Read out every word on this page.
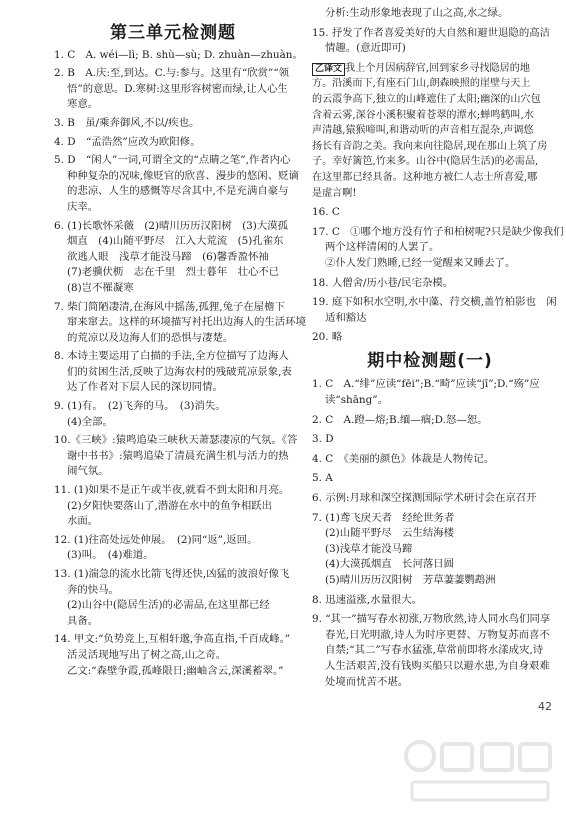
第三单元检测题
1. C　A. wéi—lì; B. shù—sù; D. zhuàn—zhuàn。
2. B　A.庆:至,到达。C.与:参与。这里有“欣赏”“领
悟”的意思。D.寒树:这里形容树密而绿,让人心生
寒意。
3. B　虽/乘奔御风,不以/疾也。
4. D　“孟浩然”应改为欧阳修。
5. D　“闲人”一词,可谓全文的“点睛之笔”,作者内心
种种复杂的况味,像贬官的欣喜、漫步的悠闲、贬谪
的悲凉、人生的感慨等尽含其中,不是充满自豪与
庆幸。
6. (1)长歌怀采薇　(2)晴川历历汉阳树　(3)大漠孤
烟直　(4)山随平野尽　江入大荒流　(5)孔雀东
欲逃人眼　浅草才能没马蹄　(6)馨香盈怀袖
(7)老骥伏枥　志在千里　烈士暮年　壮心不已
(8)岂不罹凝寒
7. 柴门简陋凄清,在海风中摇荡,孤狸,兔子在屋檐下
窜来窜去。这样的环境描写衬托出边海人的生活环境
的荒凉以及边海人们的恐惧与凄楚。
8. 本诗主要运用了白描的手法,全方位描写了边海人
们的贫困生活,反映了边海农村的残破荒凉景象,表
达了作者对下层人民的深切同情。
9. (1)有。　(2)飞奔的马。　(3)消失。
(4)全部。
10.《三峡》:猿鸣追染三峡秋天萧瑟凄凉的气氛。《答
谢中书书》:猿鸣追染了清晨充满生机与活力的热
闹气氛。
11. (1)如果不是正午或半夜,就看不到太阳和月亮。
(2)夕阳快要落山了,潜游在水中的鱼争相跃出
水面。
12. (1)往高处远处伸展。　(2)同“返”,返回。
(3)叫。　(4)难道。
13. (1)湍急的流水比箭飞得还快,凶猛的波浪好像飞
奔的快马。
(2)山谷中(隐居生活)的必需品,在这里都已经
具备。
14. 甲文:“负势竞上,互相轩邈,争高直指,千百成峰。”
活灵活现地写出了树之高,山之奇。
乙文:“森壁争霞,孤峰限日;幽岫含云,深溪蓄翠。”
分析:生动形象地表现了山之高,水之绿。
15. 抒发了作者喜爱美好的大自然和避世退隐的高洁
情趣。(意近即可)
乙译文 我上个月因病辞官,回到家乡寻找隐居的地
方。沿溪而下,有座石门山,朗森映照的崖壁与天上
的云霞争高下,独立的山峰遮住了太阳;幽深的山穴包
含着云雾,深谷小溪积聚着苍翠的潭水;蝉鸣鹤叫,水
声清越,猿猴啼叫,和谐动听的声音相互混杂,声调悠
扬长有音韵之美。我向来向往隐居,现在那山上筑了房
子。幸好篱笆,竹来多。山谷中(隐居生活)的必需品,
在这里都已经具备。这种地方被仁人志士所喜爱,哪
是虚言啊!
16. C
17. C　①哪个地方没有竹子和柏树呢?只是缺少像我们
两个这样清闲的人罢了。
②仆人发门熟睡,已经一觉醒来又睡去了。
18. 人僧舍/历小巷/民宅杂模。
19. 庭下如积水空明,水中藻、荇交横,盖竹柏影也　闲
适和豁达
20. 略
期中检测题(一)
1. C　A.“绯”应读“fēi”;B.“畸”应读“jī”;D.“殇”应
读“shāng”。
2. C　A.蹬—熔;B.缅—痼;D.怒—恕。
3. D
4. C　《美丽的颜色》体裁是人物传记。
5. A
6. 示例:月球和深空探测国际学术研讨会在京召开
7. (1)鸢飞戾天者　经纶世务者
(2)山随平野尽　云生结海楼
(3)浅草才能没马蹄
(4)大漠孤烟直　长河落日圆
(5)晴川历历汉阳树　芳草萋萋鹦鹉洲
8. 迅速溢涨,水量很大。
9. “其一”描写春水初涨,万物欣然,诗人同水鸟们同享
春光,日光明澈,诗人为时序更替、万物复苏而喜不
自禁;“其二”写春水猛涨,草常前即将水漾成灾,诗
人生活艰苦,没有钱购买船只以避水患,为自身艰难
处境而忧苦不堪。
42
